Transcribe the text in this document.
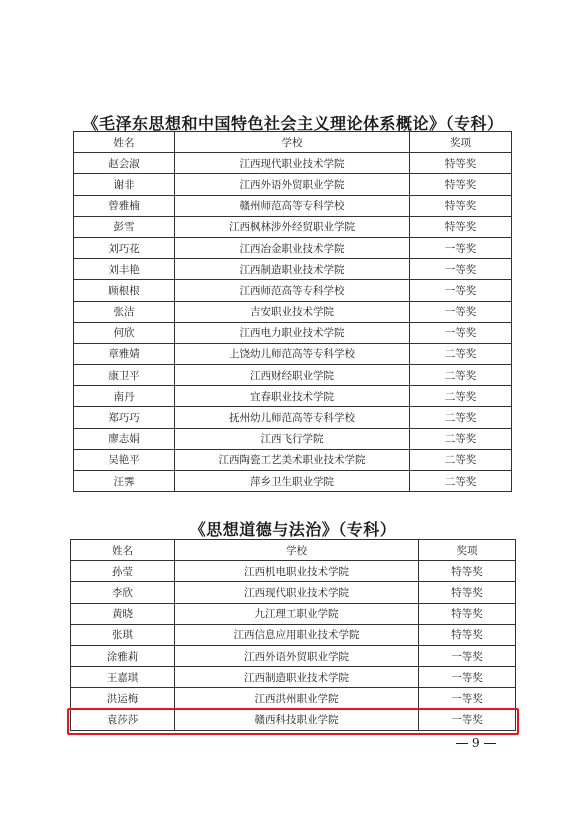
《毛泽东思想和中国特色社会主义理论体系概论》（专科）
姓名	学校	奖项
赵会淑	江西现代职业技术学院	特等奖
谢非	江西外语外贸职业学院	特等奖
曾雅楠	赣州师范高等专科学校	特等奖
彭雪	江西枫林涉外经贸职业学院	特等奖
刘巧花	江西冶金职业技术学院	一等奖
刘丰艳	江西制造职业技术学院	一等奖
顾根根	江西师范高等专科学校	一等奖
张洁	吉安职业技术学院	一等奖
何欣	江西电力职业技术学院	一等奖
章雅婧	上饶幼儿师范高等专科学校	二等奖
康卫平	江西财经职业学院	二等奖
南丹	宜春职业技术学院	二等奖
郑巧巧	抚州幼儿师范高等专科学校	二等奖
廖志娟	江西飞行学院	二等奖
吴艳平	江西陶瓷工艺美术职业技术学院	二等奖
汪霁	萍乡卫生职业学院	二等奖
《思想道德与法治》（专科）
姓名	学校	奖项
孙莹	江西机电职业技术学院	特等奖
李欣	江西现代职业技术学院	特等奖
黄晓	九江理工职业学院	特等奖
张琪	江西信息应用职业技术学院	特等奖
涂雅莉	江西外语外贸职业学院	一等奖
王嘉琪	江西制造职业技术学院	一等奖
洪运梅	江西洪州职业学院	一等奖
袁莎莎	赣西科技职业学院	一等奖
9
